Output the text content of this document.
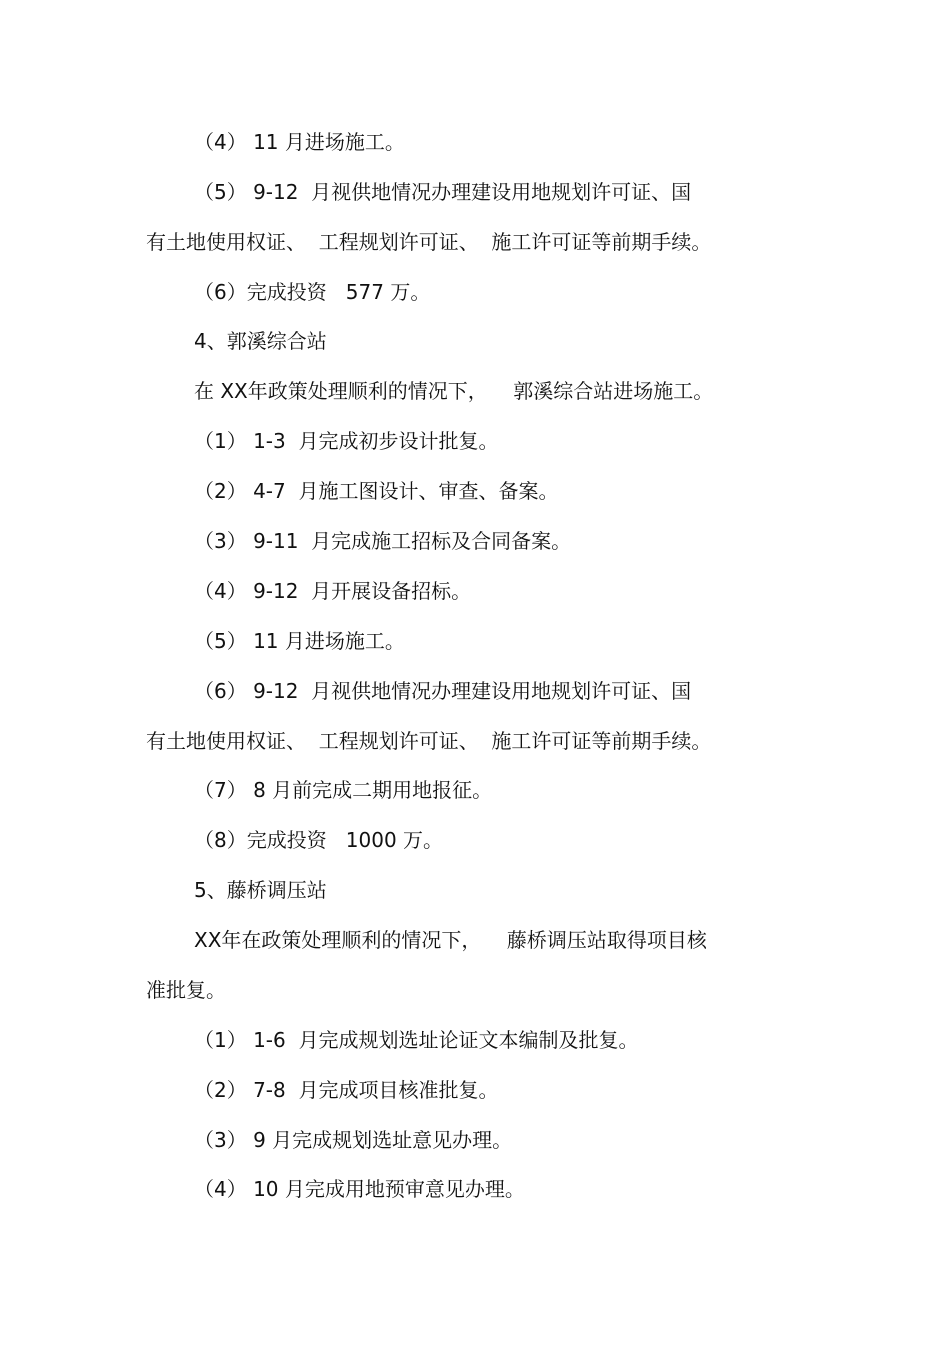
（4） 11 月进场施工。
（5） 9-12  月视供地情况办理建设用地规划许可证、国
有土地使用权证、  工程规划许可证、  施工许可证等前期手续。
（6）完成投资   577 万。
4、郭溪综合站
在 XX年政策处理顺利的情况下，    郭溪综合站进场施工。
（1） 1-3  月完成初步设计批复。
（2） 4-7  月施工图设计、审查、备案。
（3） 9-11  月完成施工招标及合同备案。
（4） 9-12  月开展设备招标。
（5） 11 月进场施工。
（6） 9-12  月视供地情况办理建设用地规划许可证、国
有土地使用权证、  工程规划许可证、  施工许可证等前期手续。
（7） 8 月前完成二期用地报征。
（8）完成投资   1000 万。
5、藤桥调压站
XX年在政策处理顺利的情况下，    藤桥调压站取得项目核
准批复。
（1） 1-6  月完成规划选址论证文本编制及批复。
（2） 7-8  月完成项目核准批复。
（3） 9 月完成规划选址意见办理。
（4） 10 月完成用地预审意见办理。
